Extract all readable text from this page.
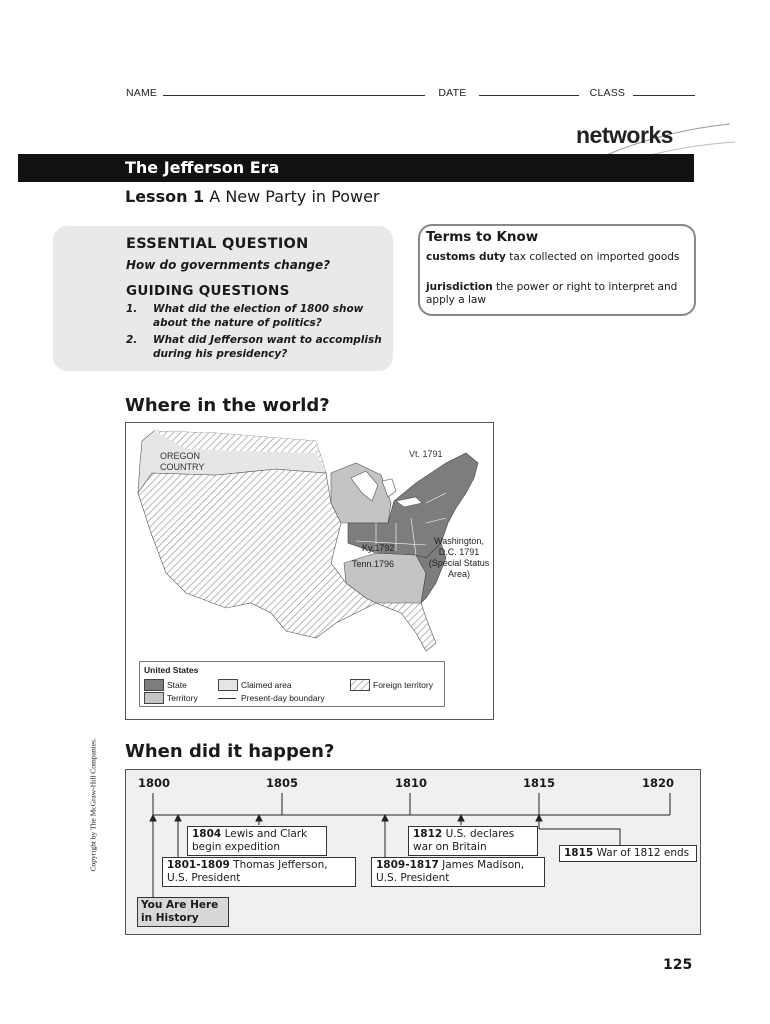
NAME	DATE	CLASS
networks
The Jefferson Era
Lesson 1 A New Party in Power
ESSENTIAL QUESTION
How do governments change?
GUIDING QUESTIONS
1.	What did the election of 1800 show about the nature of politics?
2.	What did Jefferson want to accomplish during his presidency?
Terms to Know
customs duty tax collected on imported goods
jurisdiction the power or right to interpret and apply a law
Where in the world?
OREGON COUNTRY
Vt. 1791
Ky.1792
Tenn.1796
Washington, D.C. 1791 (Special Status Area)
United States
State
Territory
Claimed area
Present-day boundary
Foreign territory
When did it happen?
1800	1805	1810	1815	1820
1804 Lewis and Clark begin expedition
1801-1809 Thomas Jefferson, U.S. President
1812 U.S. declares war on Britain
1809-1817 James Madison, U.S. President
1815 War of 1812 ends
You Are Here in History
Copyright by The McGraw-Hill Companies.
125
